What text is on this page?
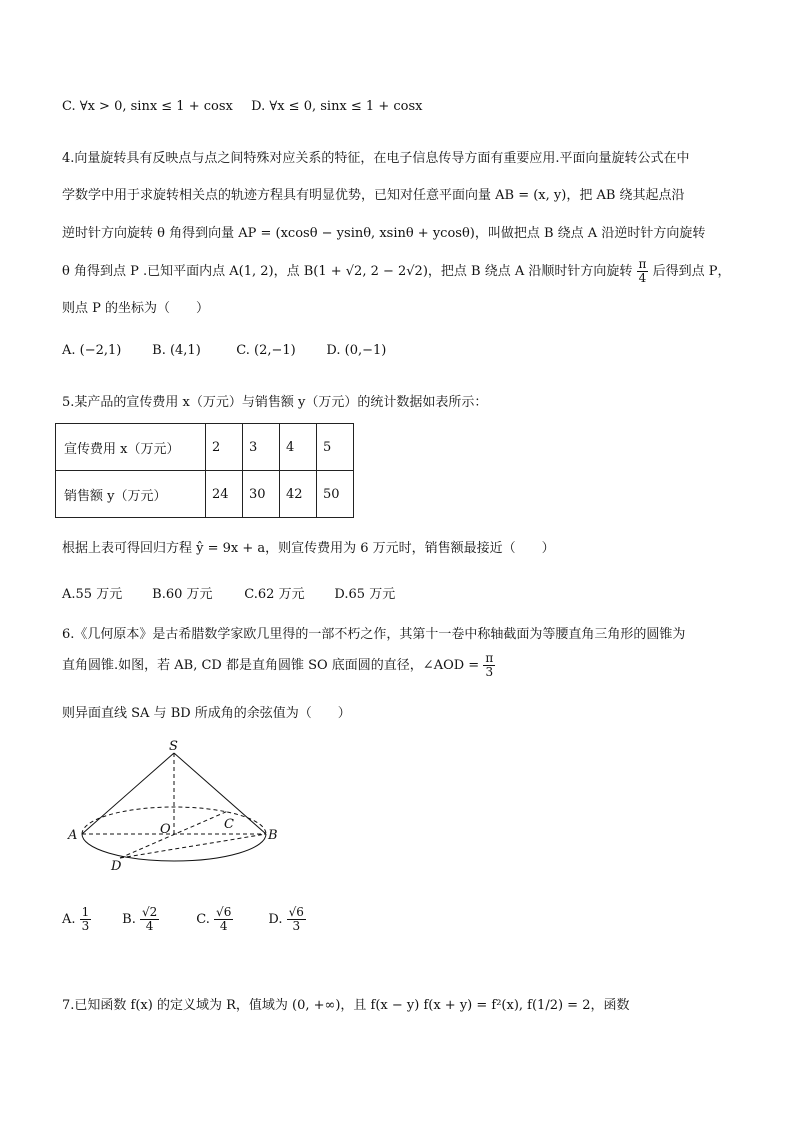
C. ∀x > 0, sinx ≤ 1 + cosx D. ∀x ≤ 0, sinx ≤ 1 + cosx
4.向量旋转具有反映点与点之间特殊对应关系的特征，在电子信息传导方面有重要应用.平面向量旋转公式在中
学数学中用于求旋转相关点的轨迹方程具有明显优势，已知对任意平面向量 AB = (x, y)，把 AB 绕其起点沿
逆时针方向旋转 θ 角得到向量 AP = (xcosθ − ysinθ, xsinθ + ycosθ)，叫做把点 B 绕点 A 沿逆时针方向旋转
θ 角得到点 P .已知平面内点 A(1, 2)，点 B(1 + √2, 2 − 2√2)，把点 B 绕点 A 沿顺时针方向旋转 $\frac{\pi}{4}$ 后得到点 P，
则点 P 的坐标为（　　）
A. (−2,1) B. (4,1)	C. (2,−1) D. (0,−1)
5.某产品的宣传费用 x（万元）与销售额 y（万元）的统计数据如表所示：
宣传费用 x（万元）	2	3	4	5
销售额 y（万元）	24	30	42	50
根据上表可得回归方程 ŷ = 9x + a，则宣传费用为 6 万元时，销售额最接近（　　）
A.55 万元 B.60 万元 C.62 万元 D.65 万元
6.《几何原本》是古希腊数学家欧几里得的一部不朽之作，其第十一卷中称轴截面为等腰直角三角形的圆锥为
直角圆锥.如图，若 AB, CD 都是直角圆锥 SO 底面圆的直径，∠AOD = $\frac{\pi}{3}$
则异面直线 SA 与 BD 所成角的余弦值为（　　）
S
A	B
C
O
D
A. $\frac{1}{3} B$. $\frac{√2}{4}$	C. $\frac{√6}{4}$	D. $\frac{√6}{3}$
7.已知函数 f(x) 的定义域为 R，值域为 (0, +∞)，且 f(x − y) f(x + y) = f²(x), f(1/2) = 2，函数
